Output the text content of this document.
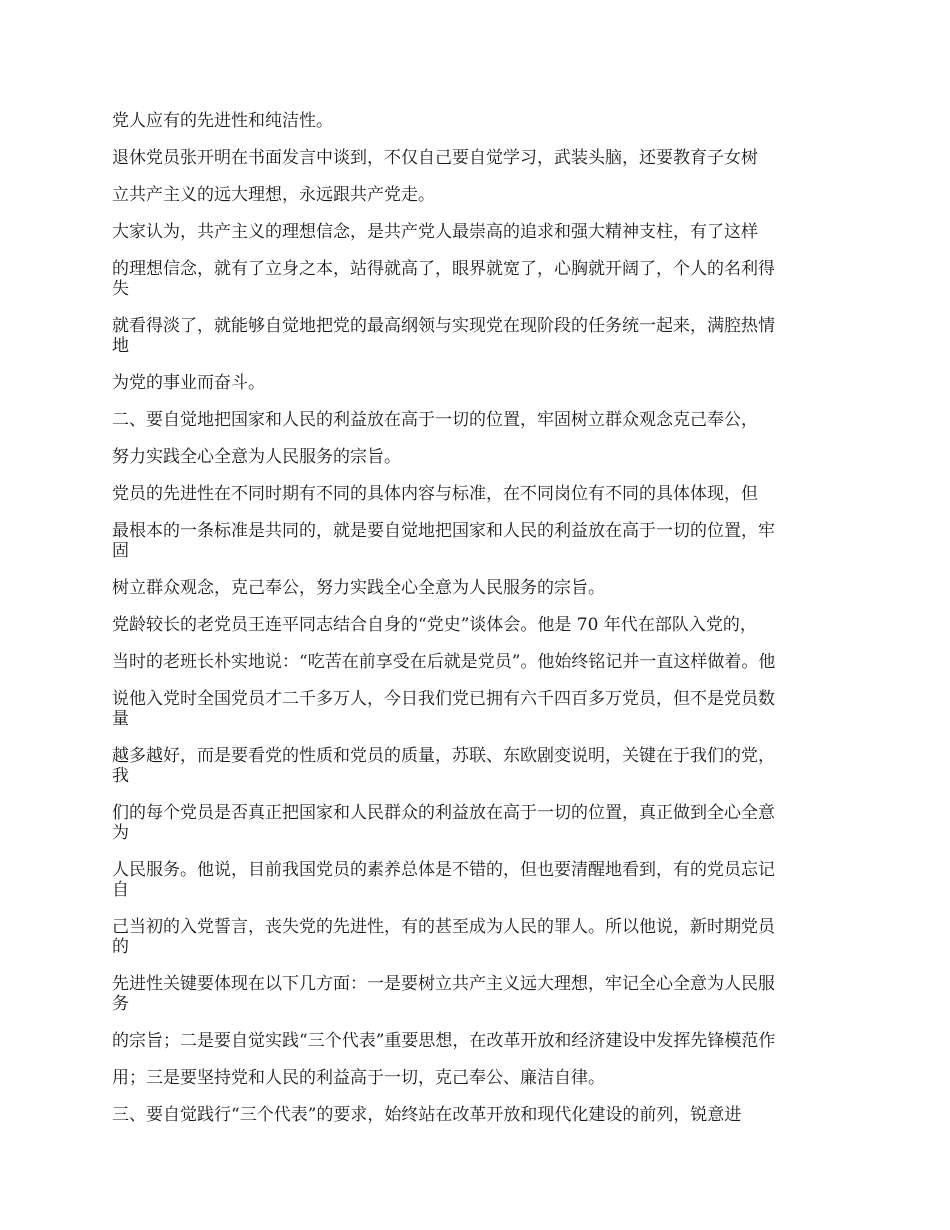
党人应有的先进性和纯洁性。

退休党员张开明在书面发言中谈到，不仅自己要自觉学习，武装头脑，还要教育子女树

立共产主义的远大理想，永远跟共产党走。

大家认为，共产主义的理想信念，是共产党人最崇高的追求和强大精神支柱，有了这样

的理想信念，就有了立身之本，站得就高了，眼界就宽了，心胸就开阔了，个人的名利得

失

就看得淡了，就能够自觉地把党的最高纲领与实现党在现阶段的任务统一起来，满腔热情

地

为党的事业而奋斗。

二、要自觉地把国家和人民的利益放在高于一切的位置，牢固树立群众观念克己奉公，

努力实践全心全意为人民服务的宗旨。

党员的先进性在不同时期有不同的具体内容与标准，在不同岗位有不同的具体体现，但

最根本的一条标准是共同的，就是要自觉地把国家和人民的利益放在高于一切的位置，牢

固

树立群众观念，克己奉公，努力实践全心全意为人民服务的宗旨。

党龄较长的老党员王连平同志结合自身的“党史”谈体会。他是 70 年代在部队入党的，

当时的老班长朴实地说：“吃苦在前享受在后就是党员”。他始终铭记并一直这样做着。他

说他入党时全国党员才二千多万人，今日我们党已拥有六千四百多万党员，但不是党员数

量

越多越好，而是要看党的性质和党员的质量，苏联、东欧剧变说明，关键在于我们的党，

我

们的每个党员是否真正把国家和人民群众的利益放在高于一切的位置，真正做到全心全意

为

人民服务。他说，目前我国党员的素养总体是不错的，但也要清醒地看到，有的党员忘记

自

己当初的入党誓言，丧失党的先进性，有的甚至成为人民的罪人。所以他说，新时期党员

的

先进性关键要体现在以下几方面：一是要树立共产主义远大理想，牢记全心全意为人民服

务

的宗旨；二是要自觉实践“三个代表”重要思想，在改革开放和经济建设中发挥先锋模范作

用；三是要坚持党和人民的利益高于一切，克己奉公、廉洁自律。

三、要自觉践行“三个代表”的要求，始终站在改革开放和现代化建设的前列，锐意进
